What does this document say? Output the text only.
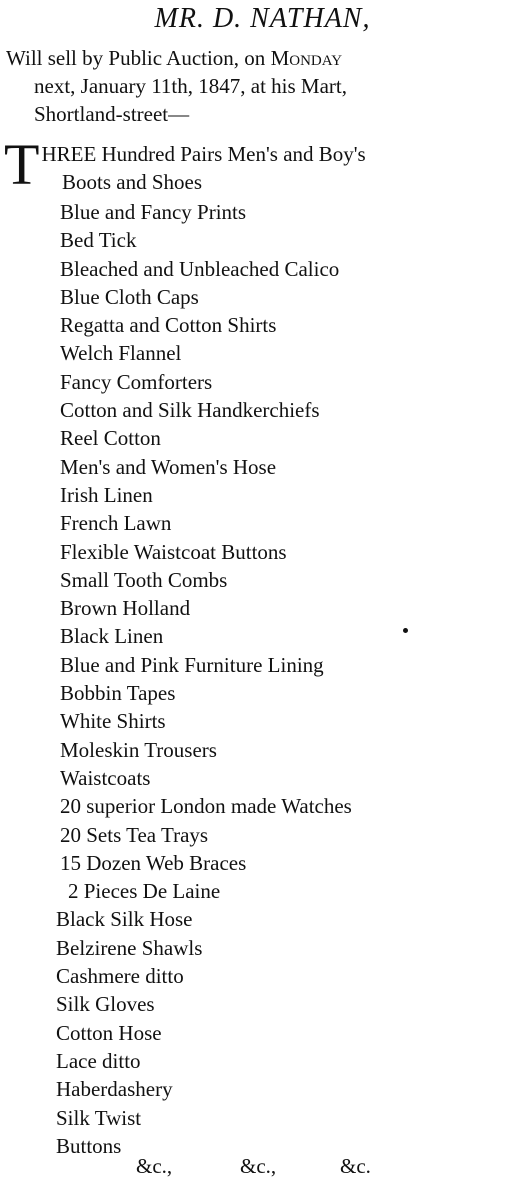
MR. D. NATHAN,
Will sell by Public Auction, on Monday
next, January 11th, 1847, at his Mart,
Shortland-street—
T HREE Hundred Pairs Men's and Boy's
Boots and Shoes
Blue and Fancy Prints
Bed Tick
Bleached and Unbleached Calico
Blue Cloth Caps
Regatta and Cotton Shirts
Welch Flannel
Fancy Comforters
Cotton and Silk Handkerchiefs
Reel Cotton
Men's and Women's Hose
Irish Linen
French Lawn
Flexible Waistcoat Buttons
Small Tooth Combs
Brown Holland
Black Linen
Blue and Pink Furniture Lining
Bobbin Tapes
White Shirts
Moleskin Trousers
Waistcoats
20 superior London made Watches
20 Sets Tea Trays
15 Dozen Web Braces
2 Pieces De Laine
Black Silk Hose
Belzirene Shawls
Cashmere ditto
Silk Gloves
Cotton Hose
Lace ditto
Haberdashery
Silk Twist
Buttons
&c.,	&c.,	&c.
